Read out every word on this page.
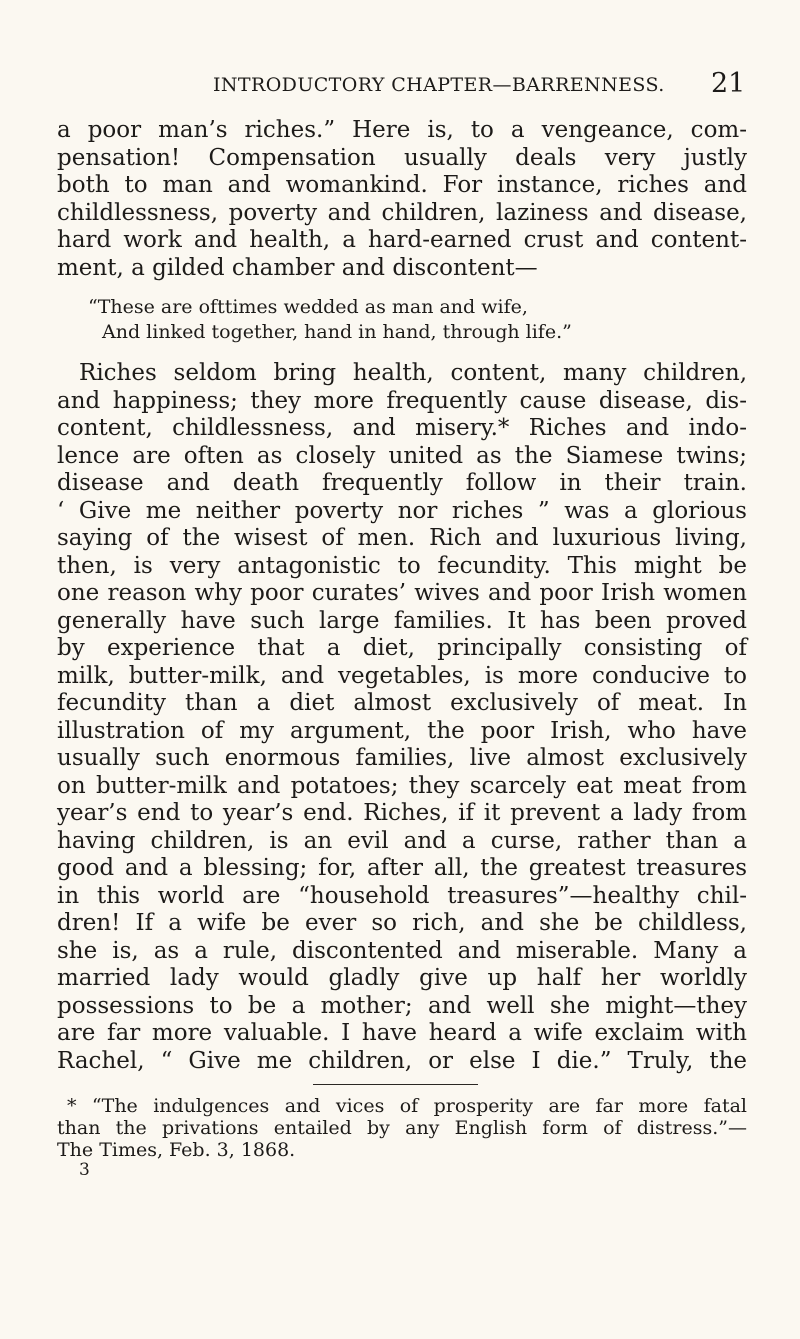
INTRODUCTORY CHAPTER—BARRENNESS. 21
a poor man’s riches.” Here is, to a vengeance, com-
pensation! Compensation usually deals very justly
both to man and womankind. For instance, riches and
childlessness, poverty and children, laziness and disease,
hard work and health, a hard-earned crust and content-
ment, a gilded chamber and discontent—
“These are ofttimes wedded as man and wife,
And linked together, hand in hand, through life.”
Riches seldom bring health, content, many children,
and happiness; they more frequently cause disease, dis-
content, childlessness, and misery.* Riches and indo-
lence are often as closely united as the Siamese twins;
disease and death frequently follow in their train.
‘ Give me neither poverty nor riches ” was a glorious
saying of the wisest of men. Rich and luxurious living,
then, is very antagonistic to fecundity. This might be
one reason why poor curates’ wives and poor Irish women
generally have such large families. It has been proved
by experience that a diet, principally consisting of
milk, butter-milk, and vegetables, is more conducive to
fecundity than a diet almost exclusively of meat. In
illustration of my argument, the poor Irish, who have
usually such enormous families, live almost exclusively
on butter-milk and potatoes; they scarcely eat meat from
year’s end to year’s end. Riches, if it prevent a lady from
having children, is an evil and a curse, rather than a
good and a blessing; for, after all, the greatest treasures
in this world are “household treasures”—healthy chil-
dren! If a wife be ever so rich, and she be childless,
she is, as a rule, discontented and miserable. Many a
married lady would gladly give up half her worldly
possessions to be a mother; and well she might—they
are far more valuable. I have heard a wife exclaim with
Rachel, “ Give me children, or else I die.” Truly, the
* “The indulgences and vices of prosperity are far more fatal
than the privations entailed by any English form of distress.”—
The Times, Feb. 3, 1868.
3
